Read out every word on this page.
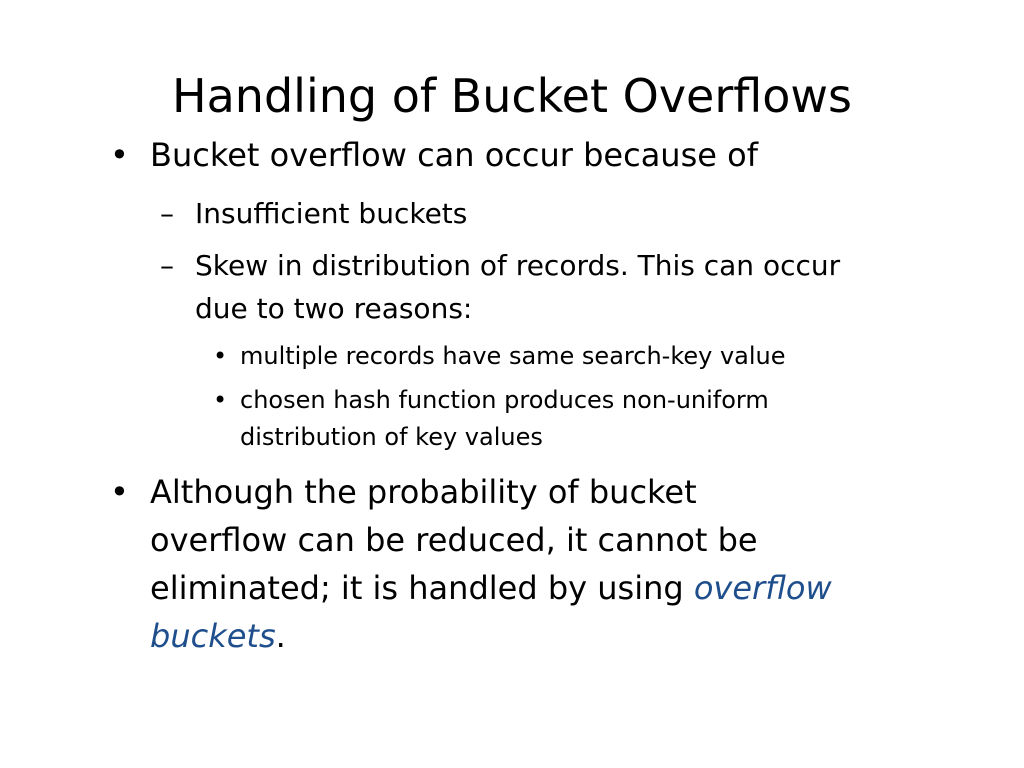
Handling of Bucket Overflows
• Bucket overflow can occur because of
– Insufficient buckets
– Skew in distribution of records. This can occur
due to two reasons:
• multiple records have same search-key value
• chosen hash function produces non-uniform
distribution of key values
• Although the probability of bucket
overflow can be reduced, it cannot be
eliminated; it is handled by using overflow
buckets.
